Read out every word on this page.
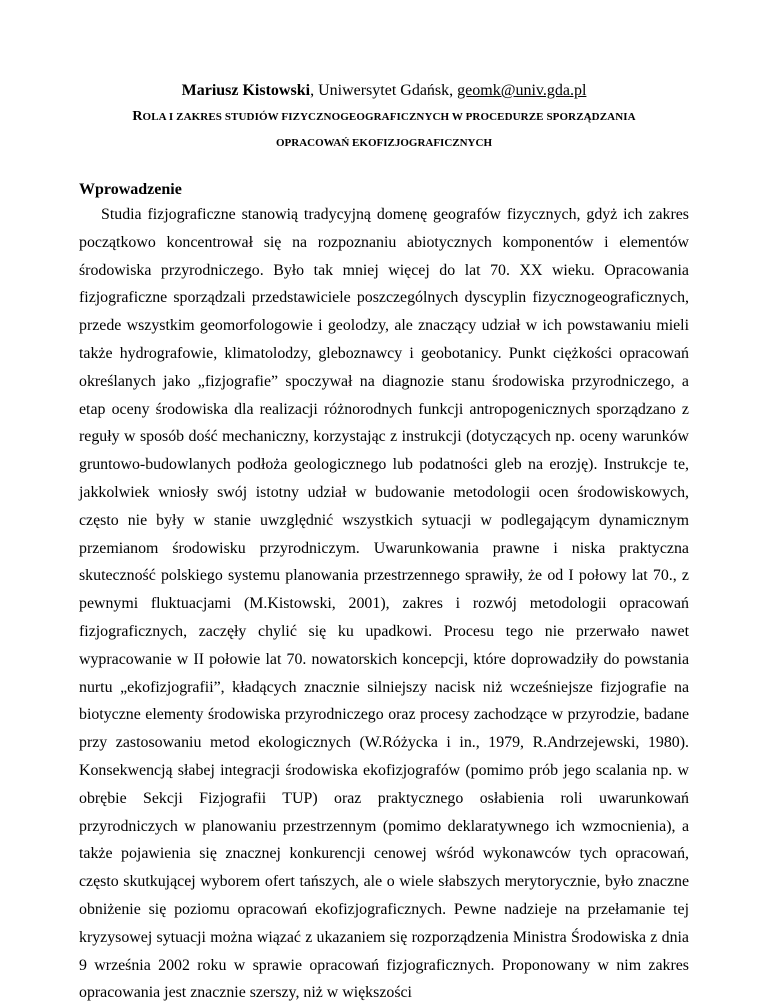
Mariusz Kistowski, Uniwersytet Gdańsk, geomk@univ.gda.pl
ROLA I ZAKRES STUDIÓW FIZYCZNOGEOGRAFICZNYCH W PROCEDURZE SPORZĄDZANIA
OPRACOWAŃ EKOFIZJOGRAFICZNYCH
Wprowadzenie
Studia fizjograficzne stanowią tradycyjną domenę geografów fizycznych, gdyż ich zakres początkowo koncentrował się na rozpoznaniu abiotycznych komponentów i elementów środowiska przyrodniczego. Było tak mniej więcej do lat 70. XX wieku. Opracowania fizjograficzne sporządzali przedstawiciele poszczególnych dyscyplin fizycznogeograficznych, przede wszystkim geomorfologowie i geolodzy, ale znaczący udział w ich powstawaniu mieli także hydrografowie, klimatolodzy, gleboznawcy i geobotanicy. Punkt ciężkości opracowań określanych jako „fizjografie” spoczywał na diagnozie stanu środowiska przyrodniczego, a etap oceny środowiska dla realizacji różnorodnych funkcji antropogenicznych sporządzano z reguły w sposób dość mechaniczny, korzystając z instrukcji (dotyczących np. oceny warunków gruntowo-budowlanych podłoża geologicznego lub podatności gleb na erozję). Instrukcje te, jakkolwiek wniosły swój istotny udział w budowanie metodologii ocen środowiskowych, często nie były w stanie uwzględnić wszystkich sytuacji w podlegającym dynamicznym przemianom środowisku przyrodniczym. Uwarunkowania prawne i niska praktyczna skuteczność polskiego systemu planowania przestrzennego sprawiły, że od I połowy lat 70., z pewnymi fluktuacjami (M.Kistowski, 2001), zakres i rozwój metodologii opracowań fizjograficznych, zaczęły chylić się ku upadkowi. Procesu tego nie przerwało nawet wypracowanie w II połowie lat 70. nowatorskich koncepcji, które doprowadziły do powstania nurtu „ekofizjografii”, kładących znacznie silniejszy nacisk niż wcześniejsze fizjografie na biotyczne elementy środowiska przyrodniczego oraz procesy zachodzące w przyrodzie, badane przy zastosowaniu metod ekologicznych (W.Różycka i in., 1979, R.Andrzejewski, 1980). Konsekwencją słabej integracji środowiska ekofizjografów (pomimo prób jego scalania np. w obrębie Sekcji Fizjografii TUP) oraz praktycznego osłabienia roli uwarunkowań przyrodniczych w planowaniu przestrzennym (pomimo deklaratywnego ich wzmocnienia), a także pojawienia się znacznej konkurencji cenowej wśród wykonawców tych opracowań, często skutkującej wyborem ofert tańszych, ale o wiele słabszych merytorycznie, było znaczne obniżenie się poziomu opracowań ekofizjograficznych. Pewne nadzieje na przełamanie tej kryzysowej sytuacji można wiązać z ukazaniem się rozporządzenia Ministra Środowiska z dnia 9 września 2002 roku w sprawie opracowań fizjograficznych. Proponowany w nim zakres opracowania jest znacznie szerszy, niż w większości
